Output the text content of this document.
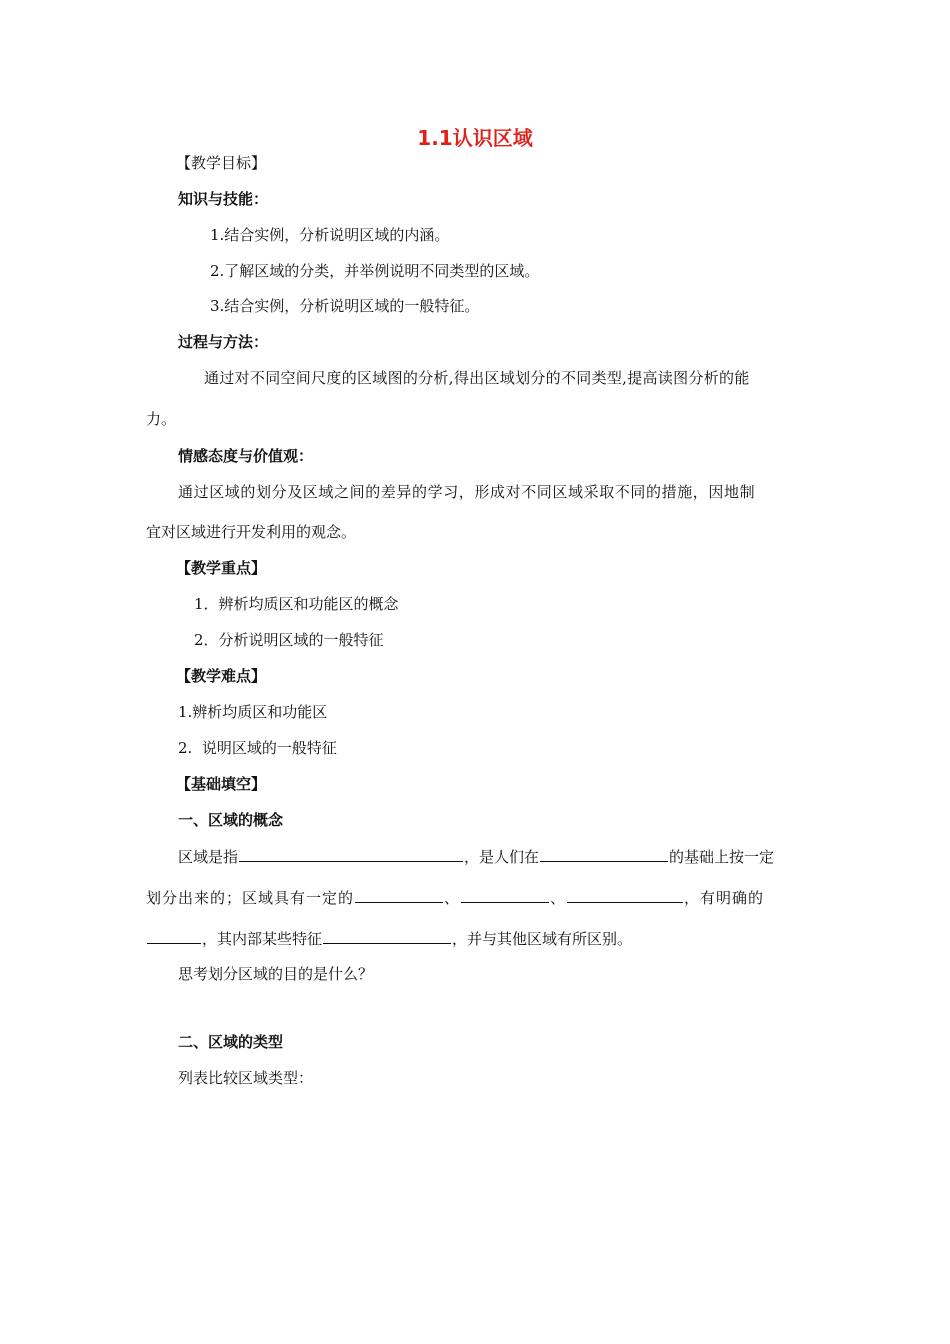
1.1认识区域
【教学目标】
知识与技能：
1.结合实例，分析说明区域的内涵。
2.了解区域的分类，并举例说明不同类型的区域。
3.结合实例，分析说明区域的一般特征。
过程与方法：
通过对不同空间尺度的区域图的分析,得出区域划分的不同类型,提高读图分析的能
力。
情感态度与价值观：
通过区域的划分及区域之间的差异的学习，形成对不同区域采取不同的措施，因地制
宜对区域进行开发利用的观念。
【教学重点】
1．辨析均质区和功能区的概念
2．分析说明区域的一般特征
【教学难点】
1.辨析均质区和功能区
2.  说明区域的一般特征
【基础填空】
一、区域的概念
区域是指	，是人们在	的基础上按一定
划分出来的；区域具有一定的	、	、	，有明确的
，其内部某些特征	，并与其他区域有所区别。
思考划分区域的目的是什么？
二、区域的类型
列表比较区域类型：
